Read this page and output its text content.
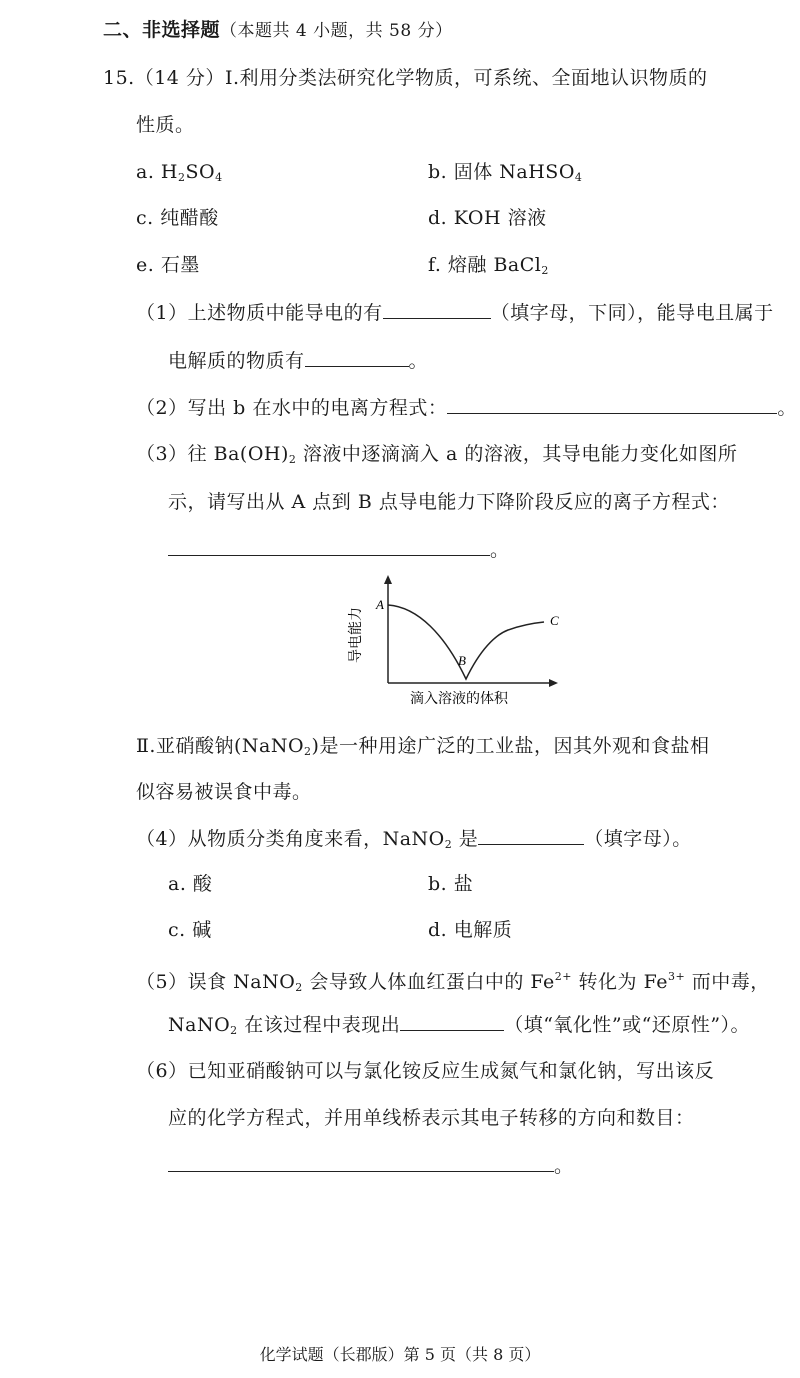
二、非选择题（本题共 4 小题，共 58 分）
15.（14 分）Ⅰ.利用分类法研究化学物质，可系统、全面地认识物质的
性质。
a. $H_2SO_4$	b. 固体 NaHSO$_4$
c. 纯醋酸	d. KOH 溶液
e. 石墨	f. 熔融 BaCl$_2$
（1）上述物质中能导电的有	（填字母，下同），能导电且属于
电解质的物质有	。
（2）写出 b 在水中的电离方程式：	。
（3）往 $Ba(OH)_2$ 溶液中逐滴滴入 a 的溶液，其导电能力变化如图所
示，请写出从 A 点到 B 点导电能力下降阶段反应的离子方程式：
。
A
B
C
导电能力
滴入溶液的体积
Ⅱ.亚硝酸钠(NaNO$_2$)是一种用途广泛的工业盐，因其外观和食盐相
似容易被误食中毒。
（4）从物质分类角度来看，NaNO$_2$ 是	（填字母）。
a. 酸	b. 盐
c. 碱	d. 电解质
（5）误食 NaNO$_2$ 会导致人体血红蛋白中的 $Fe^{2+}$ 转化为 $Fe^{3+}$ 而中毒，
NaNO$_2$ 在该过程中表现出	（填“氧化性”或“还原性”）。
（6）已知亚硝酸钠可以与氯化铵反应生成氮气和氯化钠，写出该反
应的化学方程式，并用单线桥表示其电子转移的方向和数目：
。
化学试题（长郡版）第 5 页（共 8 页）
